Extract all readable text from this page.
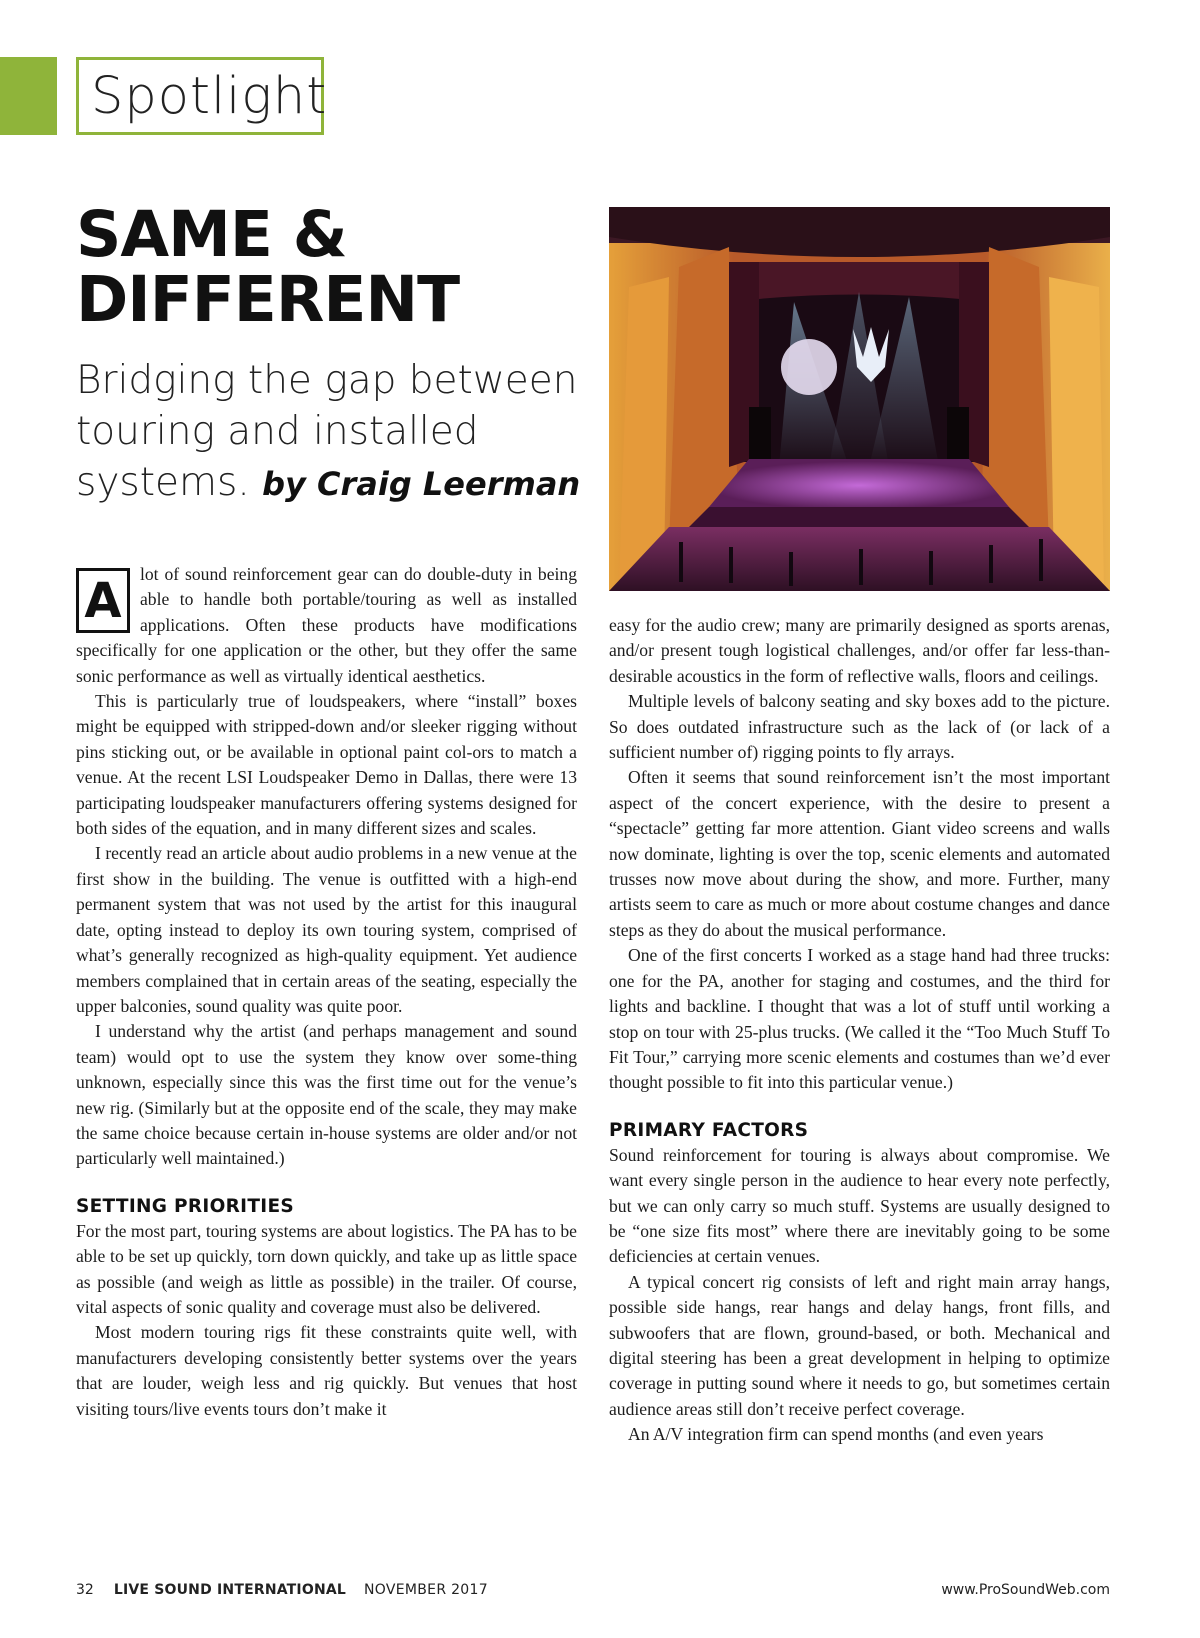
Spotlight
SAME &
DIFFERENT
Bridging the gap between
touring and installed
systems. by Craig Leerman
A	lot of sound reinforcement gear can do double-duty in being able to handle both portable/touring as well as installed applications. Often these products have modifications specifically for one application or the other, but they offer the same sonic performance as well as virtually identical aesthetics.

This is particularly true of loudspeakers, where “install” boxes might be equipped with stripped-down and/or sleeker rigging without pins sticking out, or be available in optional paint col-ors to match a venue. At the recent LSI Loudspeaker Demo in Dallas, there were 13 participating loudspeaker manufacturers offering systems designed for both sides of the equation, and in many different sizes and scales.

I recently read an article about audio problems in a new venue at the first show in the building. The venue is outfitted with a high-end permanent system that was not used by the artist for this inaugural date, opting instead to deploy its own touring system, comprised of what’s generally recognized as high-quality equipment. Yet audience members complained that in certain areas of the seating, especially the upper balconies, sound quality was quite poor.

I understand why the artist (and perhaps management and sound team) would opt to use the system they know over some-thing unknown, especially since this was the first time out for the venue’s new rig. (Similarly but at the opposite end of the scale, they may make the same choice because certain in-house systems are older and/or not particularly well maintained.)

SETTING PRIORITIES

For the most part, touring systems are about logistics. The PA has to be able to be set up quickly, torn down quickly, and take up as little space as possible (and weigh as little as possible) in the trailer. Of course, vital aspects of sonic quality and coverage must also be delivered.

Most modern touring rigs fit these constraints quite well, with manufacturers developing consistently better systems over the years that are louder, weigh less and rig quickly. But venues that host visiting tours/live events tours don’t make it

easy for the audio crew; many are primarily designed as sports arenas, and/or present tough logistical challenges, and/or offer far less-than-desirable acoustics in the form of reflective walls, floors and ceilings.

Multiple levels of balcony seating and sky boxes add to the picture. So does outdated infrastructure such as the lack of (or lack of a sufficient number of) rigging points to fly arrays.

Often it seems that sound reinforcement isn’t the most important aspect of the concert experience, with the desire to present a “spectacle” getting far more attention. Giant video screens and walls now dominate, lighting is over the top, scenic elements and automated trusses now move about during the show, and more. Further, many artists seem to care as much or more about costume changes and dance steps as they do about the musical performance.

One of the first concerts I worked as a stage hand had three trucks: one for the PA, another for staging and costumes, and the third for lights and backline. I thought that was a lot of stuff until working a stop on tour with 25-plus trucks. (We called it the “Too Much Stuff To Fit Tour,” carrying more scenic elements and costumes than we’d ever thought possible to fit into this particular venue.)

PRIMARY FACTORS

Sound reinforcement for touring is always about compromise. We want every single person in the audience to hear every note perfectly, but we can only carry so much stuff. Systems are usually designed to be “one size fits most” where there are inevitably going to be some deficiencies at certain venues.

A typical concert rig consists of left and right main array hangs, possible side hangs, rear hangs and delay hangs, front fills, and subwoofers that are flown, ground-based, or both. Mechanical and digital steering has been a great development in helping to optimize coverage in putting sound where it needs to go, but sometimes certain audience areas still don’t receive perfect coverage.

An A/V integration firm can spend months (and even years

32 LIVE SOUND INTERNATIONAL NOVEMBER 2017	www.ProSoundWeb.com
